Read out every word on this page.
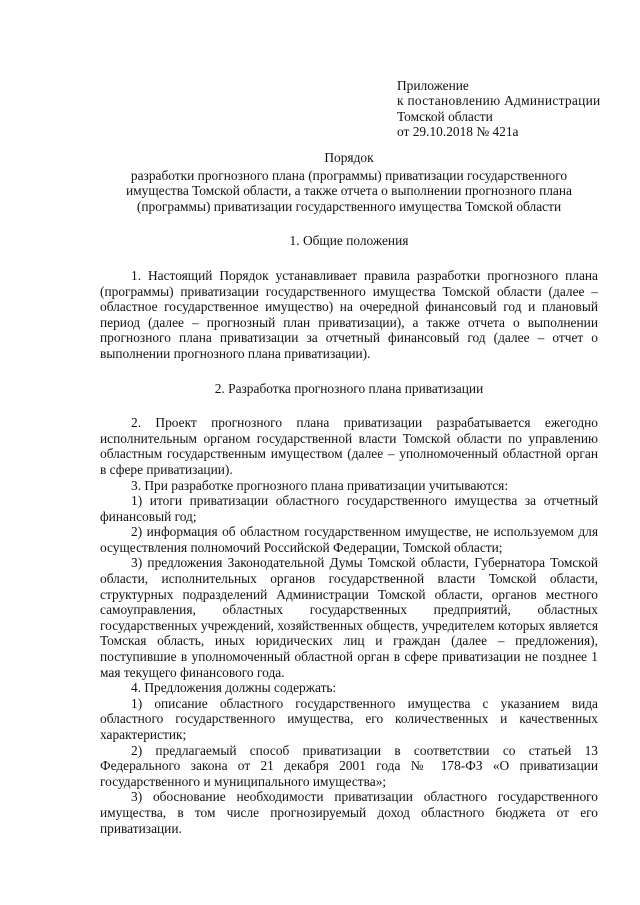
Приложение
к постановлению Администрации
Томской области
от 29.10.2018 № 421а
Порядок
разработки прогнозного плана (программы) приватизации государственного имущества Томской области, а также отчета о выполнении прогнозного плана (программы) приватизации государственного имущества Томской области
1. Общие положения

1. Настоящий Порядок устанавливает правила разработки прогнозного плана (программы) приватизации государственного имущества Томской области (далее – областное государственное имущество) на очередной финансовый год и плановый период (далее – прогнозный план приватизации), а также отчета о выполнении прогнозного плана приватизации за отчетный финансовый год (далее – отчет о выполнении прогнозного плана приватизации).

2. Разработка прогнозного плана приватизации

2. Проект прогнозного плана приватизации разрабатывается ежегодно исполнительным органом государственной власти Томской области по управлению областным государственным имуществом (далее – уполномоченный областной орган в сфере приватизации).

3. При разработке прогнозного плана приватизации учитываются:

1) итоги приватизации областного государственного имущества за отчетный финансовый год;

2) информация об областном государственном имуществе, не используемом для осуществления полномочий Российской Федерации, Томской области;

3) предложения Законодательной Думы Томской области, Губернатора Томской области, исполнительных органов государственной власти Томской области, структурных подразделений Администрации Томской области, органов местного самоуправления, областных государственных предприятий, областных государственных учреждений, хозяйственных обществ, учредителем которых является Томская область, иных юридических лиц и граждан (далее – предложения), поступившие в уполномоченный областной орган в сфере приватизации не позднее 1 мая текущего финансового года.

4. Предложения должны содержать:

1) описание областного государственного имущества с указанием вида областного государственного имущества, его количественных и качественных характеристик;

2) предлагаемый способ приватизации в соответствии со статьей 13 Федерального закона от 21 декабря 2001 года № 178-ФЗ «О приватизации государственного и муниципального имущества»;

3) обоснование необходимости приватизации областного государственного имущества, в том числе прогнозируемый доход областного бюджета от его приватизации.
